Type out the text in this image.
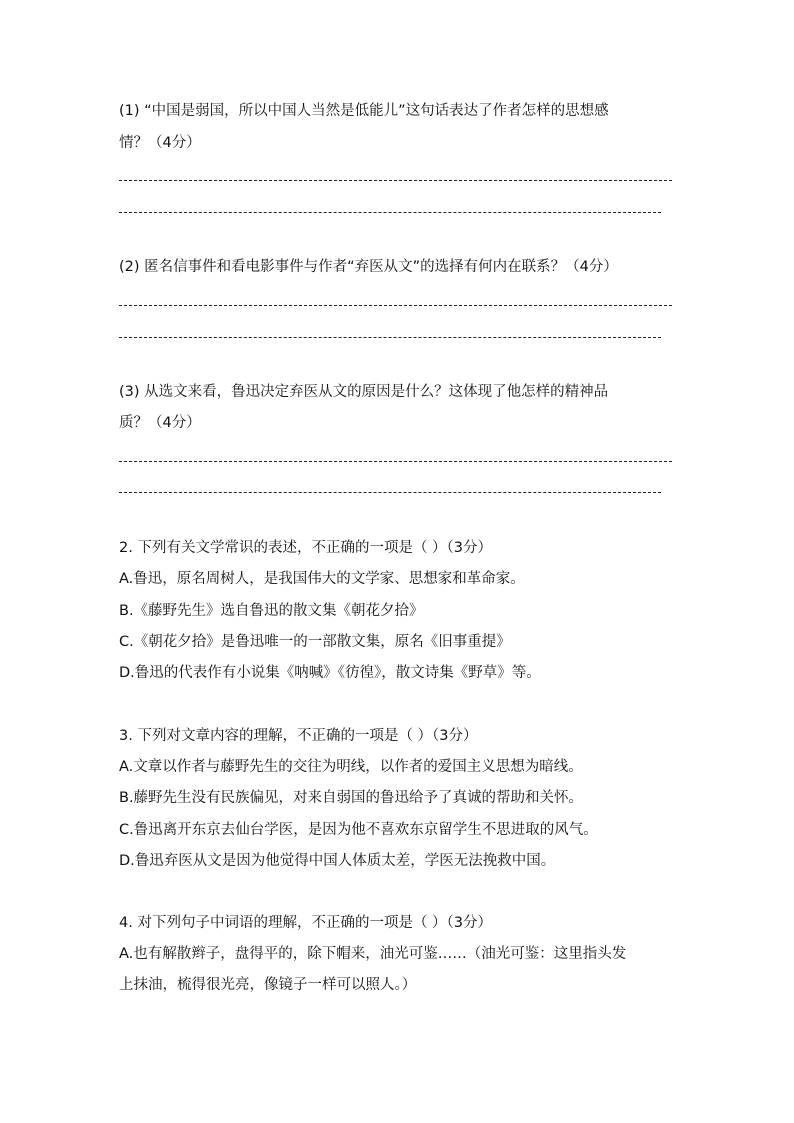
(1) “中国是弱国，所以中国人当然是低能儿”这句话表达了作者怎样的思想感
情？（4分）
(2) 匿名信事件和看电影事件与作者“弃医从文”的选择有何内在联系？（4分）
(3) 从选文来看，鲁迅决定弃医从文的原因是什么？这体现了他怎样的精神品
质？（4分）
2. 下列有关文学常识的表述，不正确的一项是（ ）（3分）
A.鲁迅，原名周树人，是我国伟大的文学家、思想家和革命家。
B.《藤野先生》选自鲁迅的散文集《朝花夕拾》
C.《朝花夕拾》是鲁迅唯一的一部散文集，原名《旧事重提》
D.鲁迅的代表作有小说集《呐喊》《彷徨》，散文诗集《野草》等。
3. 下列对文章内容的理解，不正确的一项是（ ）（3分）
A.文章以作者与藤野先生的交往为明线，以作者的爱国主义思想为暗线。
B.藤野先生没有民族偏见，对来自弱国的鲁迅给予了真诚的帮助和关怀。
C.鲁迅离开东京去仙台学医，是因为他不喜欢东京留学生不思进取的风气。
D.鲁迅弃医从文是因为他觉得中国人体质太差，学医无法挽救中国。
4. 对下列句子中词语的理解，不正确的一项是（ ）（3分）
A.也有解散辫子，盘得平的，除下帽来，油光可鉴……（油光可鉴：这里指头发
上抹油，梳得很光亮，像镜子一样可以照人。）
